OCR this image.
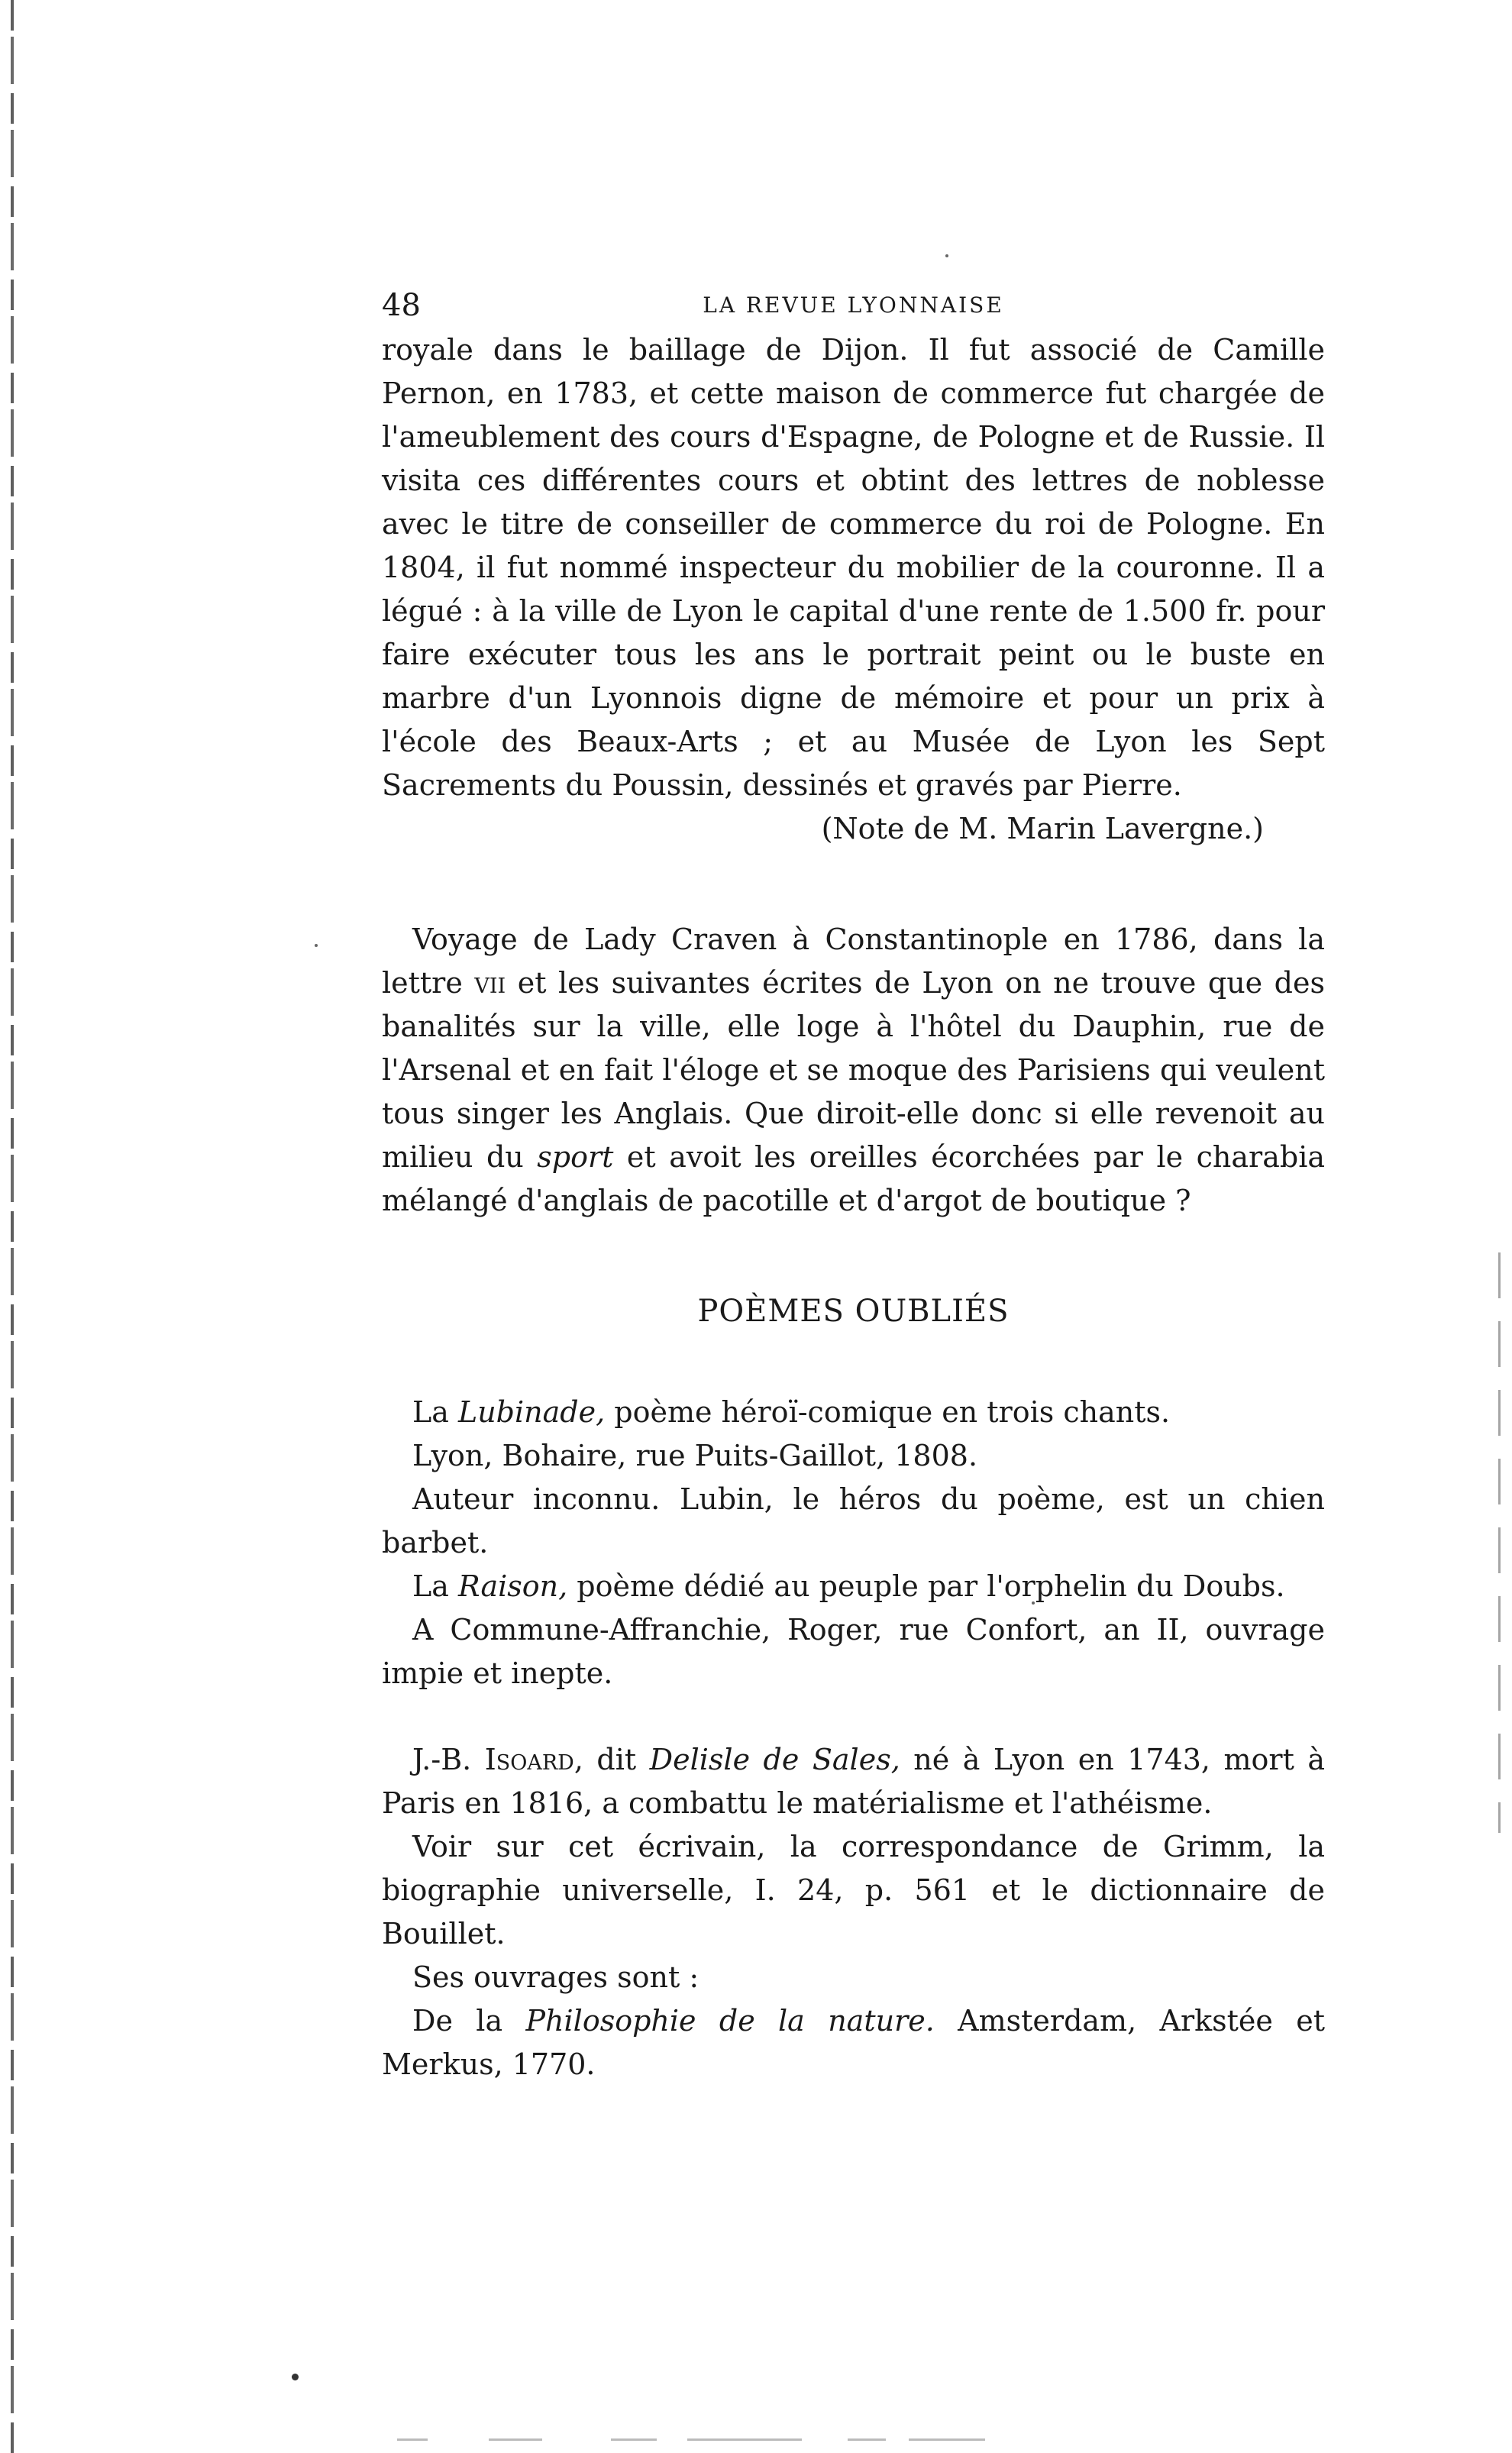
48	LA REVUE LYONNAISE

royale dans le baillage de Dijon. Il fut associé de Camille Pernon, en 1783, et cette maison de commerce fut chargée de l'ameublement des cours d'Espagne, de Pologne et de Russie. Il visita ces différentes cours et obtint des lettres de noblesse avec le titre de conseiller de commerce du roi de Pologne. En 1804, il fut nommé inspecteur du mobilier de la couronne. Il a légué : à la ville de Lyon le capital d'une rente de 1.500 fr. pour faire exécuter tous les ans le portrait peint ou le buste en marbre d'un Lyonnois digne de mémoire et pour un prix à l'école des Beaux-Arts ; et au Musée de Lyon les Sept Sacrements du Poussin, dessinés et gravés par Pierre.

(Note de M. Marin Lavergne.)

Voyage de Lady Craven à Constantinople en 1786, dans la lettre vii et les suivantes écrites de Lyon on ne trouve que des banalités sur la ville, elle loge à l'hôtel du Dauphin, rue de l'Arsenal et en fait l'éloge et se moque des Parisiens qui veulent tous singer les Anglais. Que diroit-elle donc si elle revenoit au milieu du sport et avoit les oreilles écorchées par le charabia mélangé d'anglais de pacotille et d'argot de boutique ?

POÈMES OUBLIÉS

La Lubinade, poème héroï-comique en trois chants.

Lyon, Bohaire, rue Puits-Gaillot, 1808.

Auteur inconnu. Lubin, le héros du poème, est un chien barbet.

La Raison, poème dédié au peuple par l'orphelin du Doubs.

A Commune-Affranchie, Roger, rue Confort, an II, ouvrage impie et inepte.

J.-B. Isoard, dit Delisle de Sales, né à Lyon en 1743, mort à Paris en 1816, a combattu le matérialisme et l'athéisme.

Voir sur cet écrivain, la correspondance de Grimm, la biographie universelle, I. 24, p. 561 et le dictionnaire de Bouillet.

Ses ouvrages sont :

De la Philosophie de la nature. Amsterdam, Arkstée et Merkus, 1770.
